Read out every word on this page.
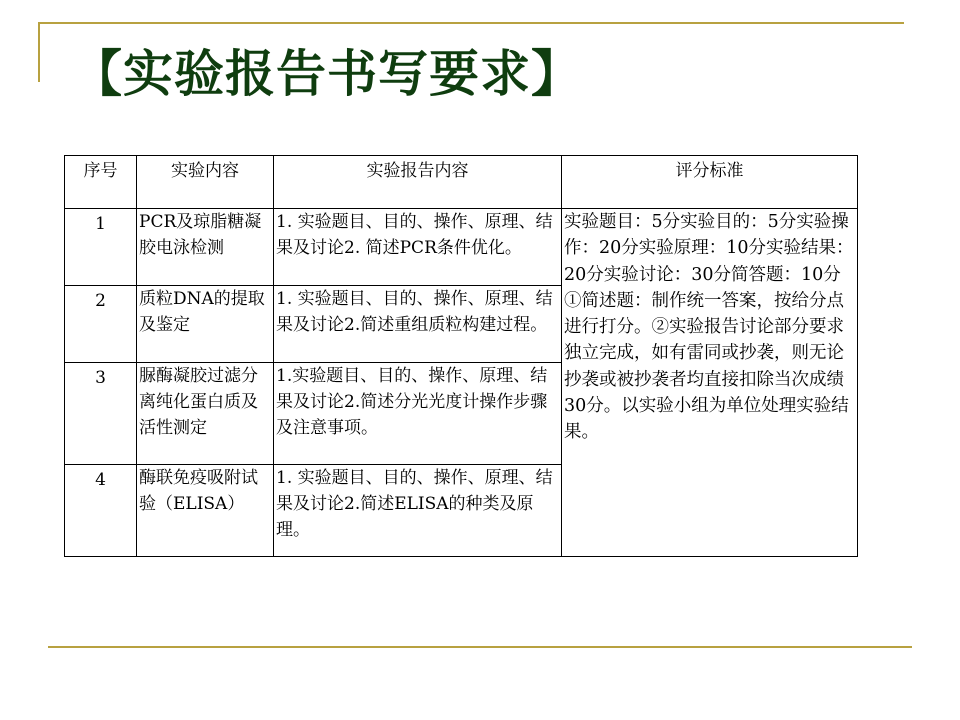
【实验报告书写要求】
序号	实验内容	实验报告内容	评分标准
1	PCR及琼脂糖凝胶电泳检测	1. 实验题目、目的、操作、原理、结果及讨论2. 简述PCR条件优化。	实验题目：5分实验目的：5分实验操作：20分实验原理：10分实验结果：20分实验讨论：30分简答题：10分①简述题：制作统一答案，按给分点进行打分。②实验报告讨论部分要求独立完成，如有雷同或抄袭，则无论抄袭或被抄袭者均直接扣除当次成绩30分。以实验小组为单位处理实验结果。
2	质粒DNA的提取及鉴定	1. 实验题目、目的、操作、原理、结果及讨论2.简述重组质粒构建过程。	
3	脲酶凝胶过滤分离纯化蛋白质及活性测定	1.实验题目、目的、操作、原理、结果及讨论2.简述分光光度计操作步骤及注意事项。	
4	酶联免疫吸附试验（ELISA）	1. 实验题目、目的、操作、原理、结果及讨论2.简述ELISA的种类及原理。	
